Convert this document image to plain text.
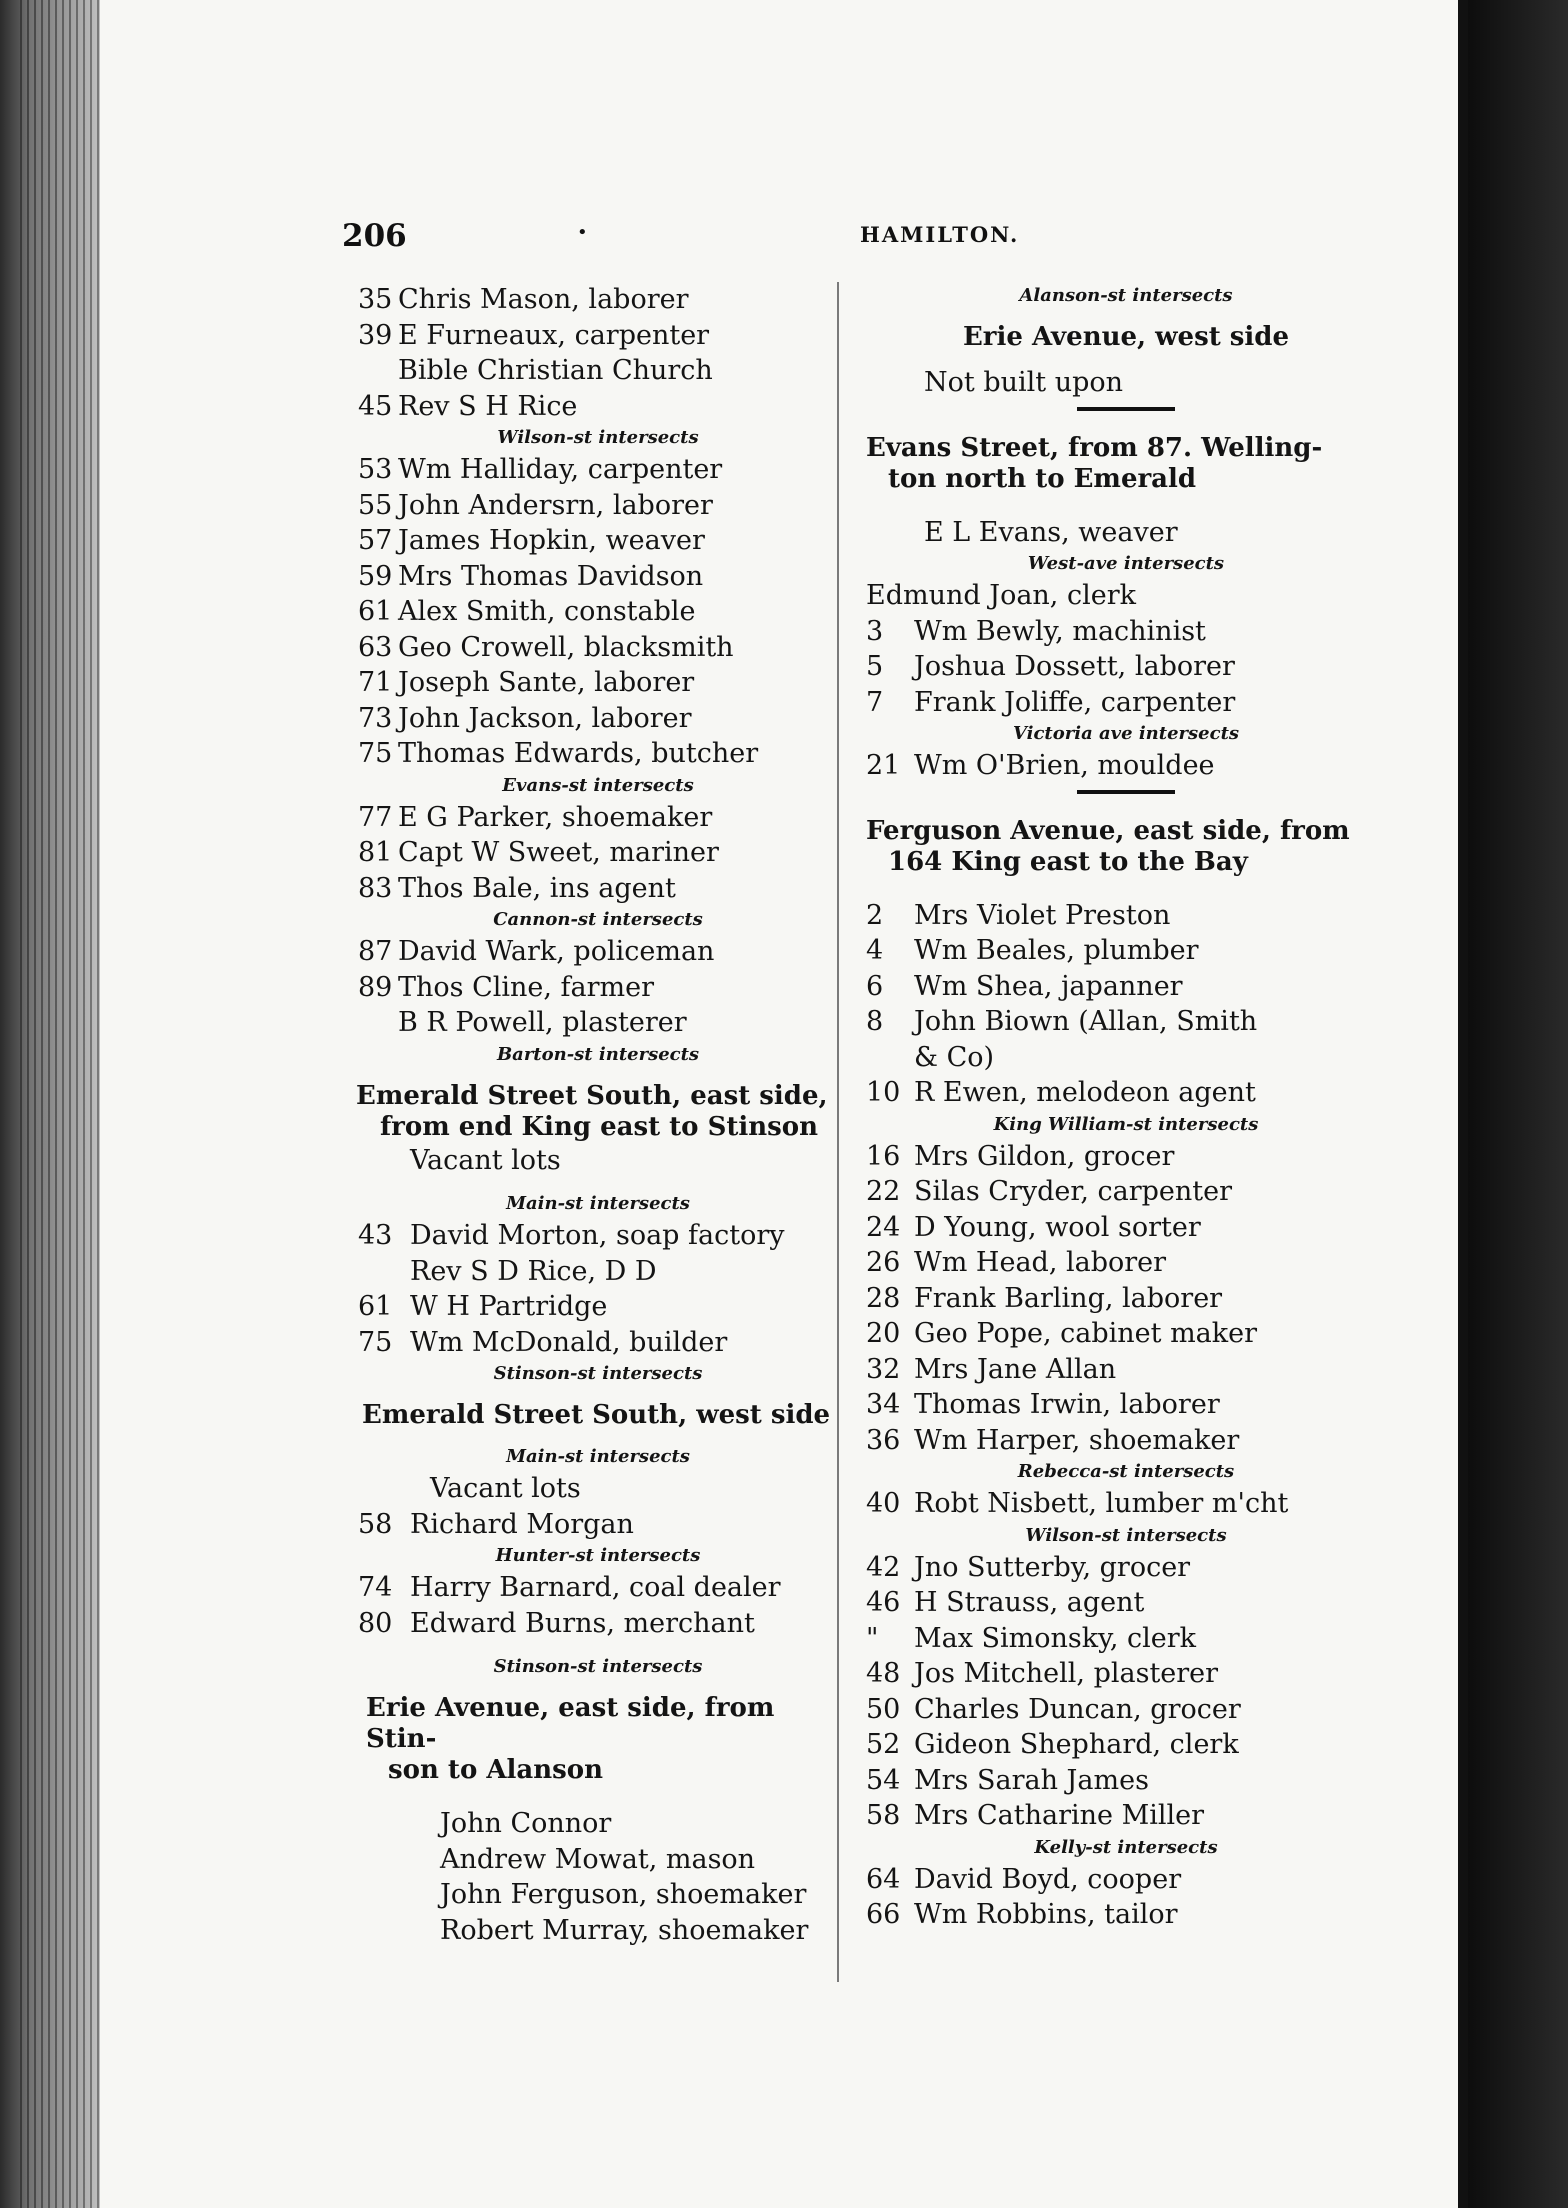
206	•	HAMILTON.
35 Chris Mason, laborer
39 E Furneaux, carpenter
Bible Christian Church
45 Rev S H Rice
Wilson-st intersects
53 Wm Halliday, carpenter
55 John Andersrn, laborer
57 James Hopkin, weaver
59 Mrs Thomas Davidson
61 Alex Smith, constable
63 Geo Crowell, blacksmith
71 Joseph Sante, laborer
73 John Jackson, laborer
75 Thomas Edwards, butcher
Evans-st intersects
77 E G Parker, shoemaker
81 Capt W Sweet, mariner
83 Thos Bale, ins agent
Cannon-st intersects
87 David Wark, policeman
89 Thos Cline, farmer
B R Powell, plasterer
Barton-st intersects
Emerald Street South, east side,
from end King east to Stinson
Vacant lots
Main-st intersects
43 David Morton, soap factory
Rev S D Rice, D D
61 W H Partridge
75 Wm McDonald, builder
Stinson-st intersects
Emerald Street South, west side
Main-st intersects
Vacant lots
58 Richard Morgan
Hunter-st intersects
74 Harry Barnard, coal dealer
80 Edward Burns, merchant
Stinson-st intersects
Erie Avenue, east side, from Stin-
son to Alanson
John Connor
Andrew Mowat, mason
John Ferguson, shoemaker
Robert Murray, shoemaker
Alanson-st intersects
Erie Avenue, west side
Not built upon
Evans Street, from 87. Welling-
ton north to Emerald
E L Evans, weaver
West-ave intersects
Edmund Joan, clerk
3 Wm Bewly, machinist
5 Joshua Dossett, laborer
7 Frank Joliffe, carpenter
Victoria ave intersects
21 Wm O'Brien, mouldee
Ferguson Avenue, east side, from
164 King east to the Bay
2 Mrs Violet Preston
4 Wm Beales, plumber
6 Wm Shea, japanner
8 John Biown (Allan, Smith
& Co)
10 R Ewen, melodeon agent
King William-st intersects
16 Mrs Gildon, grocer
22 Silas Cryder, carpenter
24 D Young, wool sorter
26 Wm Head, laborer
28 Frank Barling, laborer
20 Geo Pope, cabinet maker
32 Mrs Jane Allan
34 Thomas Irwin, laborer
36 Wm Harper, shoemaker
Rebecca-st intersects
40 Robt Nisbett, lumber m'cht
Wilson-st intersects
42 Jno Sutterby, grocer
46 H Strauss, agent
" Max Simonsky, clerk
48 Jos Mitchell, plasterer
50 Charles Duncan, grocer
52 Gideon Shephard, clerk
54 Mrs Sarah James
58 Mrs Catharine Miller
Kelly-st intersects
64 David Boyd, cooper
66 Wm Robbins, tailor
